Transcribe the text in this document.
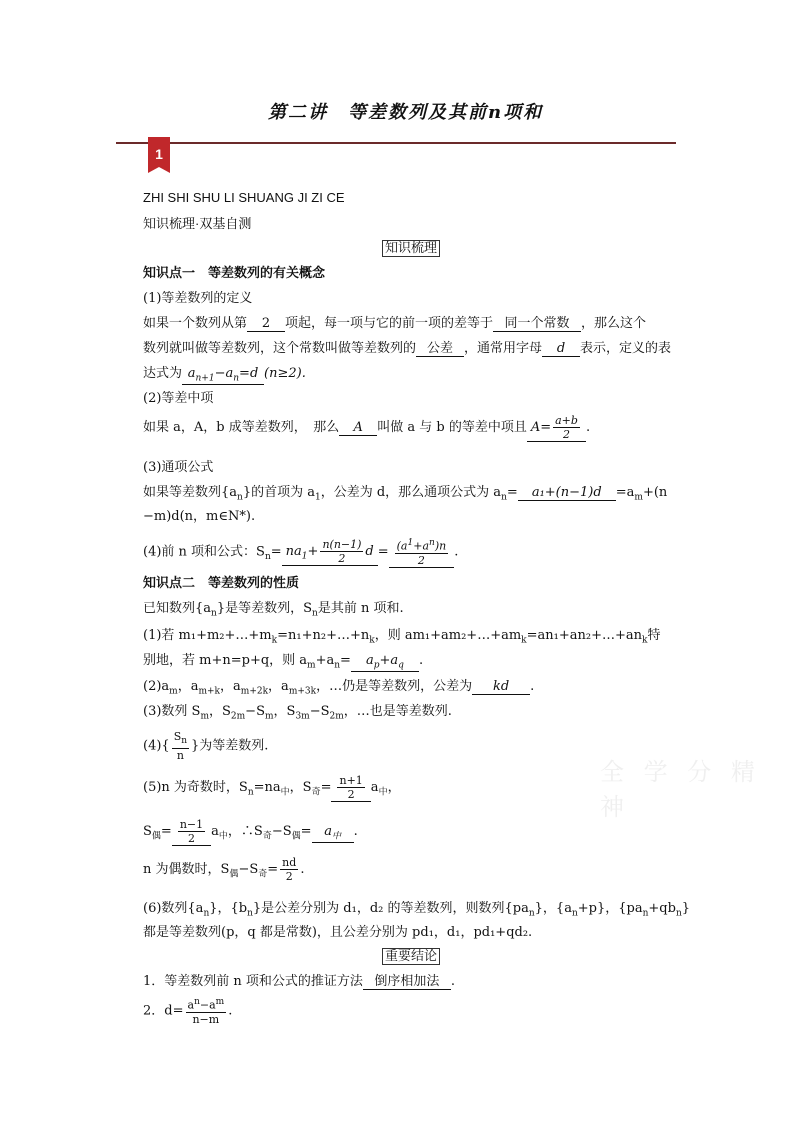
第二讲　等差数列及其前n项和
1
ZHI SHI SHU LI SHUANG JI ZI CE
知识梳理·双基自测
知识梳理
知识点一　等差数列的有关概念
(1)等差数列的定义
如果一个数列从第 2 项起，每一项与它的前一项的差等于 同一个常数 ，那么这个
数列就叫做等差数列，这个常数叫做等差数列的 公差 ，通常用字母 d 表示，定义的表
达式为 $a_{n+1}-a_n=d$ (n≥2).
(2)等差中项
如果 a，A，b 成等差数列，　那么 A 叫做 a 与 b 的等差中项且 $A= \frac{a+b}{2}$ .
(3)通项公式
如果等差数列$\{a_n\}$的首项为 $a_1$，公差为 d，那么通项公式为 $a_n= a_1+(n-1)d =a_m+(n$
−m)d(n，m∈N*).
(4)前 n 项和公式：$S_n= na_1+ \frac{n(n-1)}{2}$ $d = \frac{(a^1+a^n)n}{2}$ .
知识点二　等差数列的性质
已知数列$\{a_n\}$是等差数列，$S_n$是其前 n 项和.
(1)若 $m_1+m_2+\dots+m_k=n_1+n_2+\dots+n_k$，则 $am_1+am_2+\dots+am_k=an_1+an_2+\dots+an_k$特
别地，若 m+n=p+q，则 $a_m+a_n= a_p+a_q$ .
$(2)a_m$，$a_{m+k}$，$a_{m+2k}$，$a_{m+3k}$，…仍是等差数列，公差为 kd .
(3)数列 $S_m$，$S_{2m}-S_m$，$S_{3m}-S_{2m}$，…也是等差数列.
$(4)\{ \frac{S_n}{n}$ }为等差数列.
(5)n 为奇数时，$S_n=na_中$，$S_奇= \frac{n+1}{2} a_中$，
$S_偶= \frac{n-1}{2} a_中$，$\therefore S_奇-S_偶= a_中$ .
n 为偶数时，$S_偶-S_奇= \frac{nd}{2}$ .
(6)数列$\{a_n\}$，$\{b_n\}$是公差分别为 d₁，d₂ 的等差数列，则数列$\{pa_n\}$，$\{a_n+p\}$，$\{pa_n+qb_n\}$
都是等差数列(p，q 都是常数)，且公差分别为 pd₁，d₁，pd₁+qd₂.
重要结论
1．等差数列前 n 项和公式的推证方法 倒序相加法 .
2．$d= \frac{a^n-a^m}{n-m}$ .
全 学 分 精 神
